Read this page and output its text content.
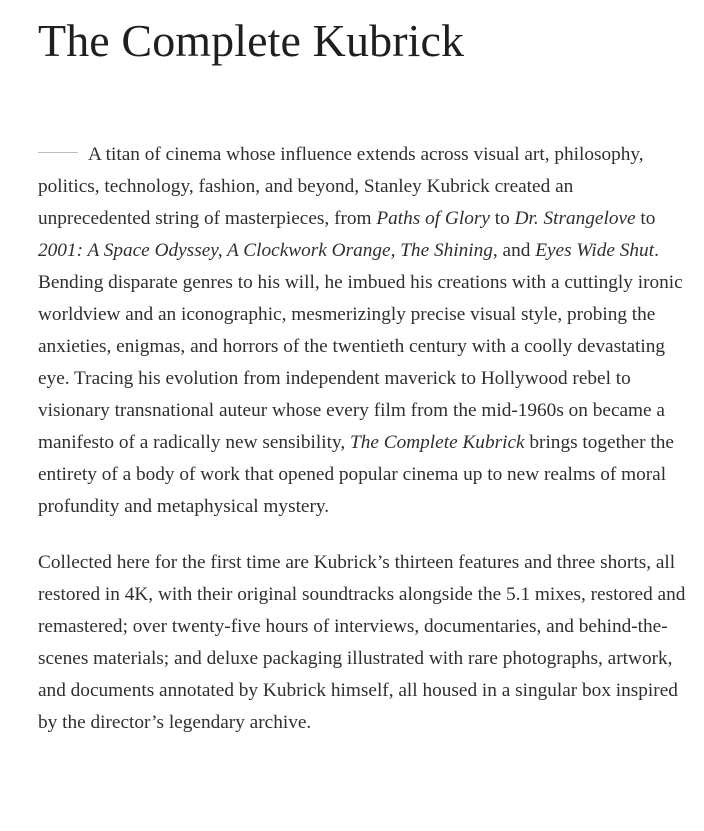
The Complete Kubrick

A titan of cinema whose influence extends across visual art, philosophy, politics, technology, fashion, and beyond, Stanley Kubrick created an unprecedented string of masterpieces, from Paths of Glory to Dr. Strangelove to 2001: A Space Odyssey, A Clockwork Orange, The Shining, and Eyes Wide Shut. Bending disparate genres to his will, he imbued his creations with a cuttingly ironic worldview and an iconographic, mesmerizingly precise visual style, probing the anxieties, enigmas, and horrors of the twentieth century with a coolly devastating eye. Tracing his evolution from independent maverick to Hollywood rebel to visionary transnational auteur whose every film from the mid-1960s on became a manifesto of a radically new sensibility, The Complete Kubrick brings together the entirety of a body of work that opened popular cinema up to new realms of moral profundity and metaphysical mystery.

Collected here for the first time are Kubrick’s thirteen features and three shorts, all restored in 4K, with their original soundtracks alongside the 5.1 mixes, restored and remastered; over twenty-five hours of interviews, documentaries, and behind-the-scenes materials; and deluxe packaging illustrated with rare photographs, artwork, and documents annotated by Kubrick himself, all housed in a singular box inspired by the director’s legendary archive.
